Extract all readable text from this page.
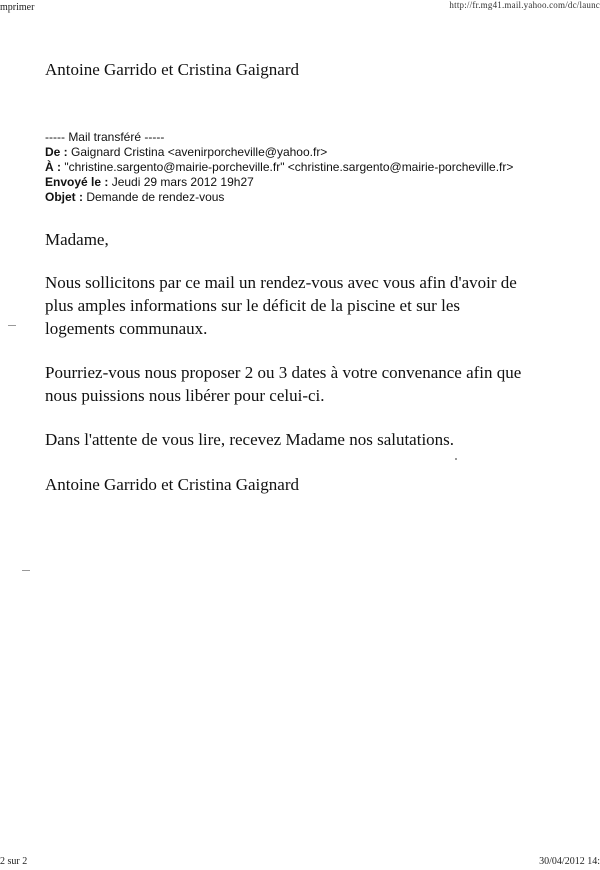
mprimer	http://fr.mg41.mail.yahoo.com/dc/launc
Antoine Garrido et Cristina Gaignard
----- Mail transféré -----
De : Gaignard Cristina <avenirporcheville@yahoo.fr>
À : "christine.sargento@mairie-porcheville.fr" <christine.sargento@mairie-porcheville.fr>
Envoyé le : Jeudi 29 mars 2012 19h27
Objet : Demande de rendez-vous

Madame,

Nous sollicitons par ce mail un rendez-vous avec vous afin d'avoir de
plus amples informations sur le déficit de la piscine et sur les
logements communaux.

Pourriez-vous nous proposer 2 ou 3 dates à votre convenance afin que
nous puissions nous libérer pour celui-ci.

Dans l'attente de vous lire, recevez Madame nos salutations.

Antoine Garrido et Cristina Gaignard

2 sur 2	30/04/2012 14:
